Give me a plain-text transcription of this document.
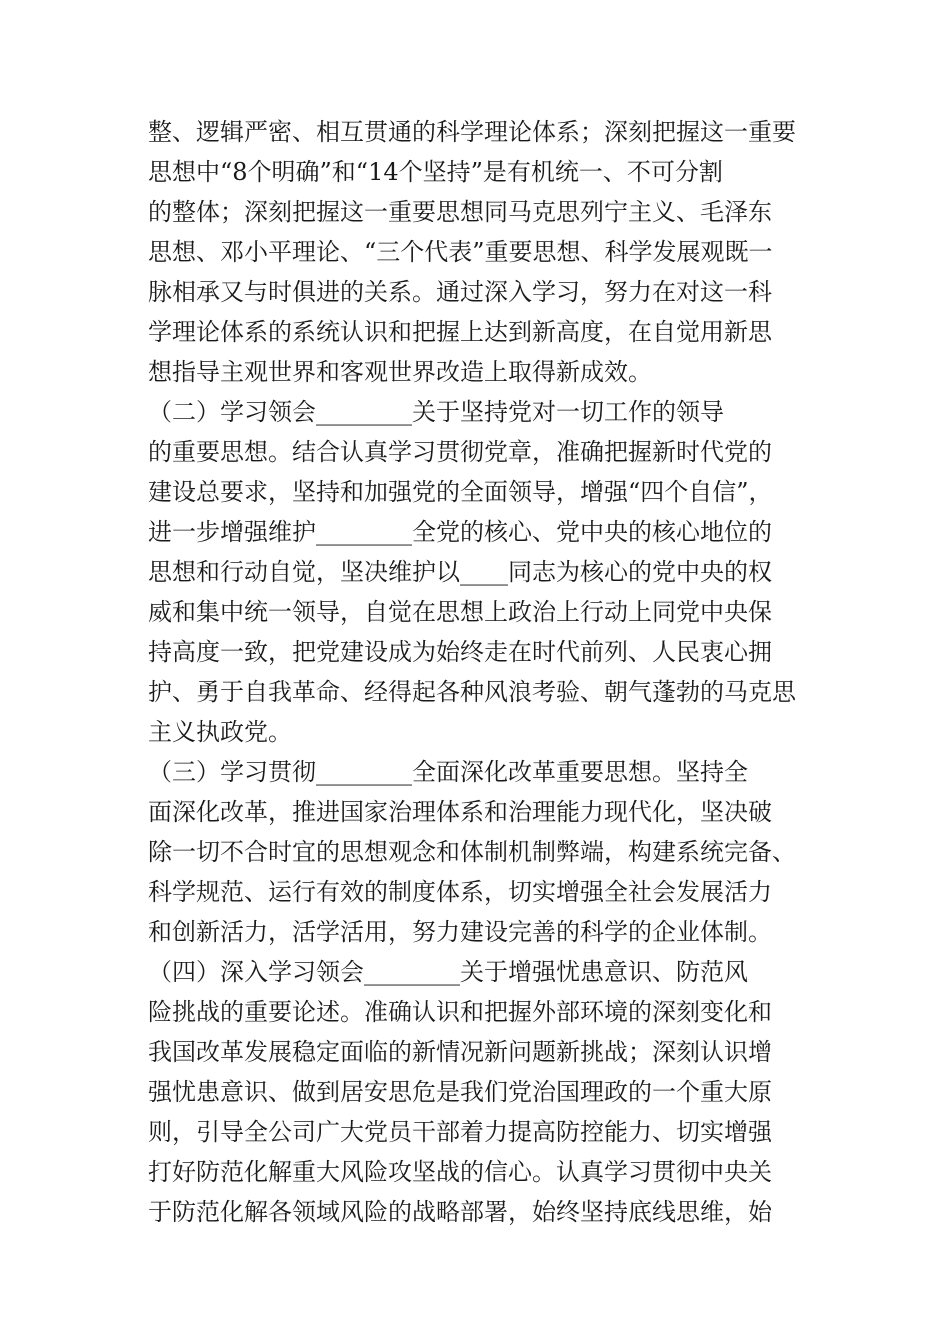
整、逻辑严密、相互贯通的科学理论体系；深刻把握这一重要
思想中“8个明确”和“14个坚持”是有机统一、不可分割
的整体；深刻把握这一重要思想同马克思列宁主义、毛泽东
思想、邓小平理论、“三个代表”重要思想、科学发展观既一
脉相承又与时俱进的关系。通过深入学习，努力在对这一科
学理论体系的系统认识和把握上达到新高度，在自觉用新思
想指导主观世界和客观世界改造上取得新成效。
（二）学习领会________关于坚持党对一切工作的领导
的重要思想。结合认真学习贯彻党章，准确把握新时代党的
建设总要求，坚持和加强党的全面领导，增强“四个自信”，
进一步增强维护________全党的核心、党中央的核心地位的
思想和行动自觉，坚决维护以____同志为核心的党中央的权
威和集中统一领导，自觉在思想上政治上行动上同党中央保
持高度一致，把党建设成为始终走在时代前列、人民衷心拥
护、勇于自我革命、经得起各种风浪考验、朝气蓬勃的马克思
主义执政党。
（三）学习贯彻________全面深化改革重要思想。坚持全
面深化改革，推进国家治理体系和治理能力现代化，坚决破
除一切不合时宜的思想观念和体制机制弊端，构建系统完备、
科学规范、运行有效的制度体系，切实增强全社会发展活力
和创新活力，活学活用，努力建设完善的科学的企业体制。
（四）深入学习领会________关于增强忧患意识、防范风
险挑战的重要论述。准确认识和把握外部环境的深刻变化和
我国改革发展稳定面临的新情况新问题新挑战；深刻认识增
强忧患意识、做到居安思危是我们党治国理政的一个重大原
则，引导全公司广大党员干部着力提高防控能力、切实增强
打好防范化解重大风险攻坚战的信心。认真学习贯彻中央关
于防范化解各领域风险的战略部署，始终坚持底线思维，始
